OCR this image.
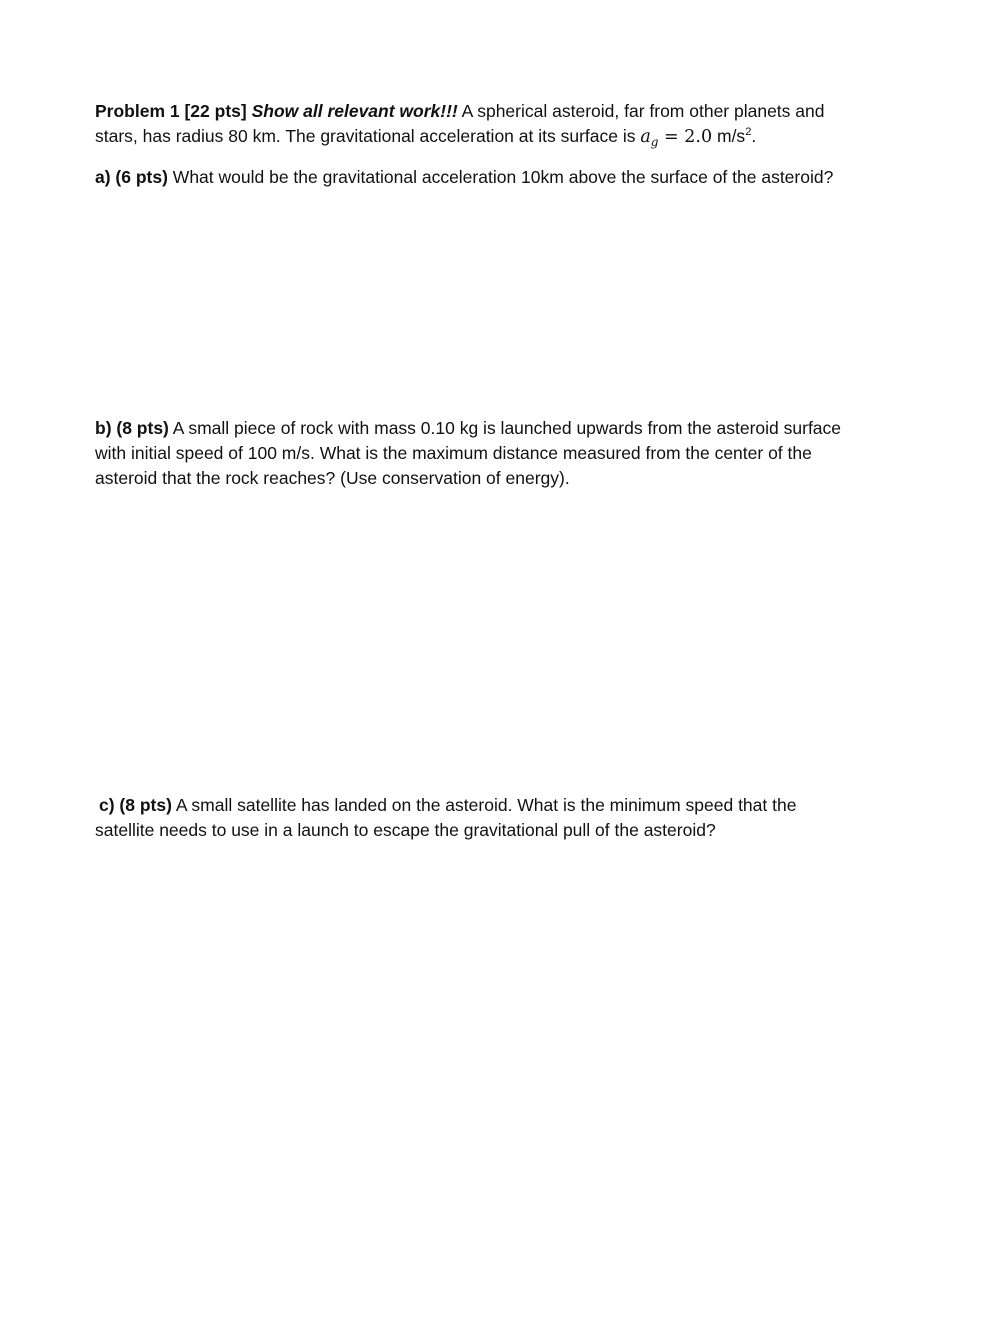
Problem 1 [22 pts] Show all relevant work!!! A spherical asteroid, far from other planets and
stars, has radius 80 km. The gravitational acceleration at its surface is $a_g = 2.0$ $m/s^2$.
a) (6 pts) What would be the gravitational acceleration 10km above the surface of the asteroid?
b) (8 pts) A small piece of rock with mass 0.10 kg is launched upwards from the asteroid surface
with initial speed of 100 m/s. What is the maximum distance measured from the center of the
asteroid that the rock reaches? (Use conservation of energy).
c) (8 pts) A small satellite has landed on the asteroid. What is the minimum speed that the
satellite needs to use in a launch to escape the gravitational pull of the asteroid?
